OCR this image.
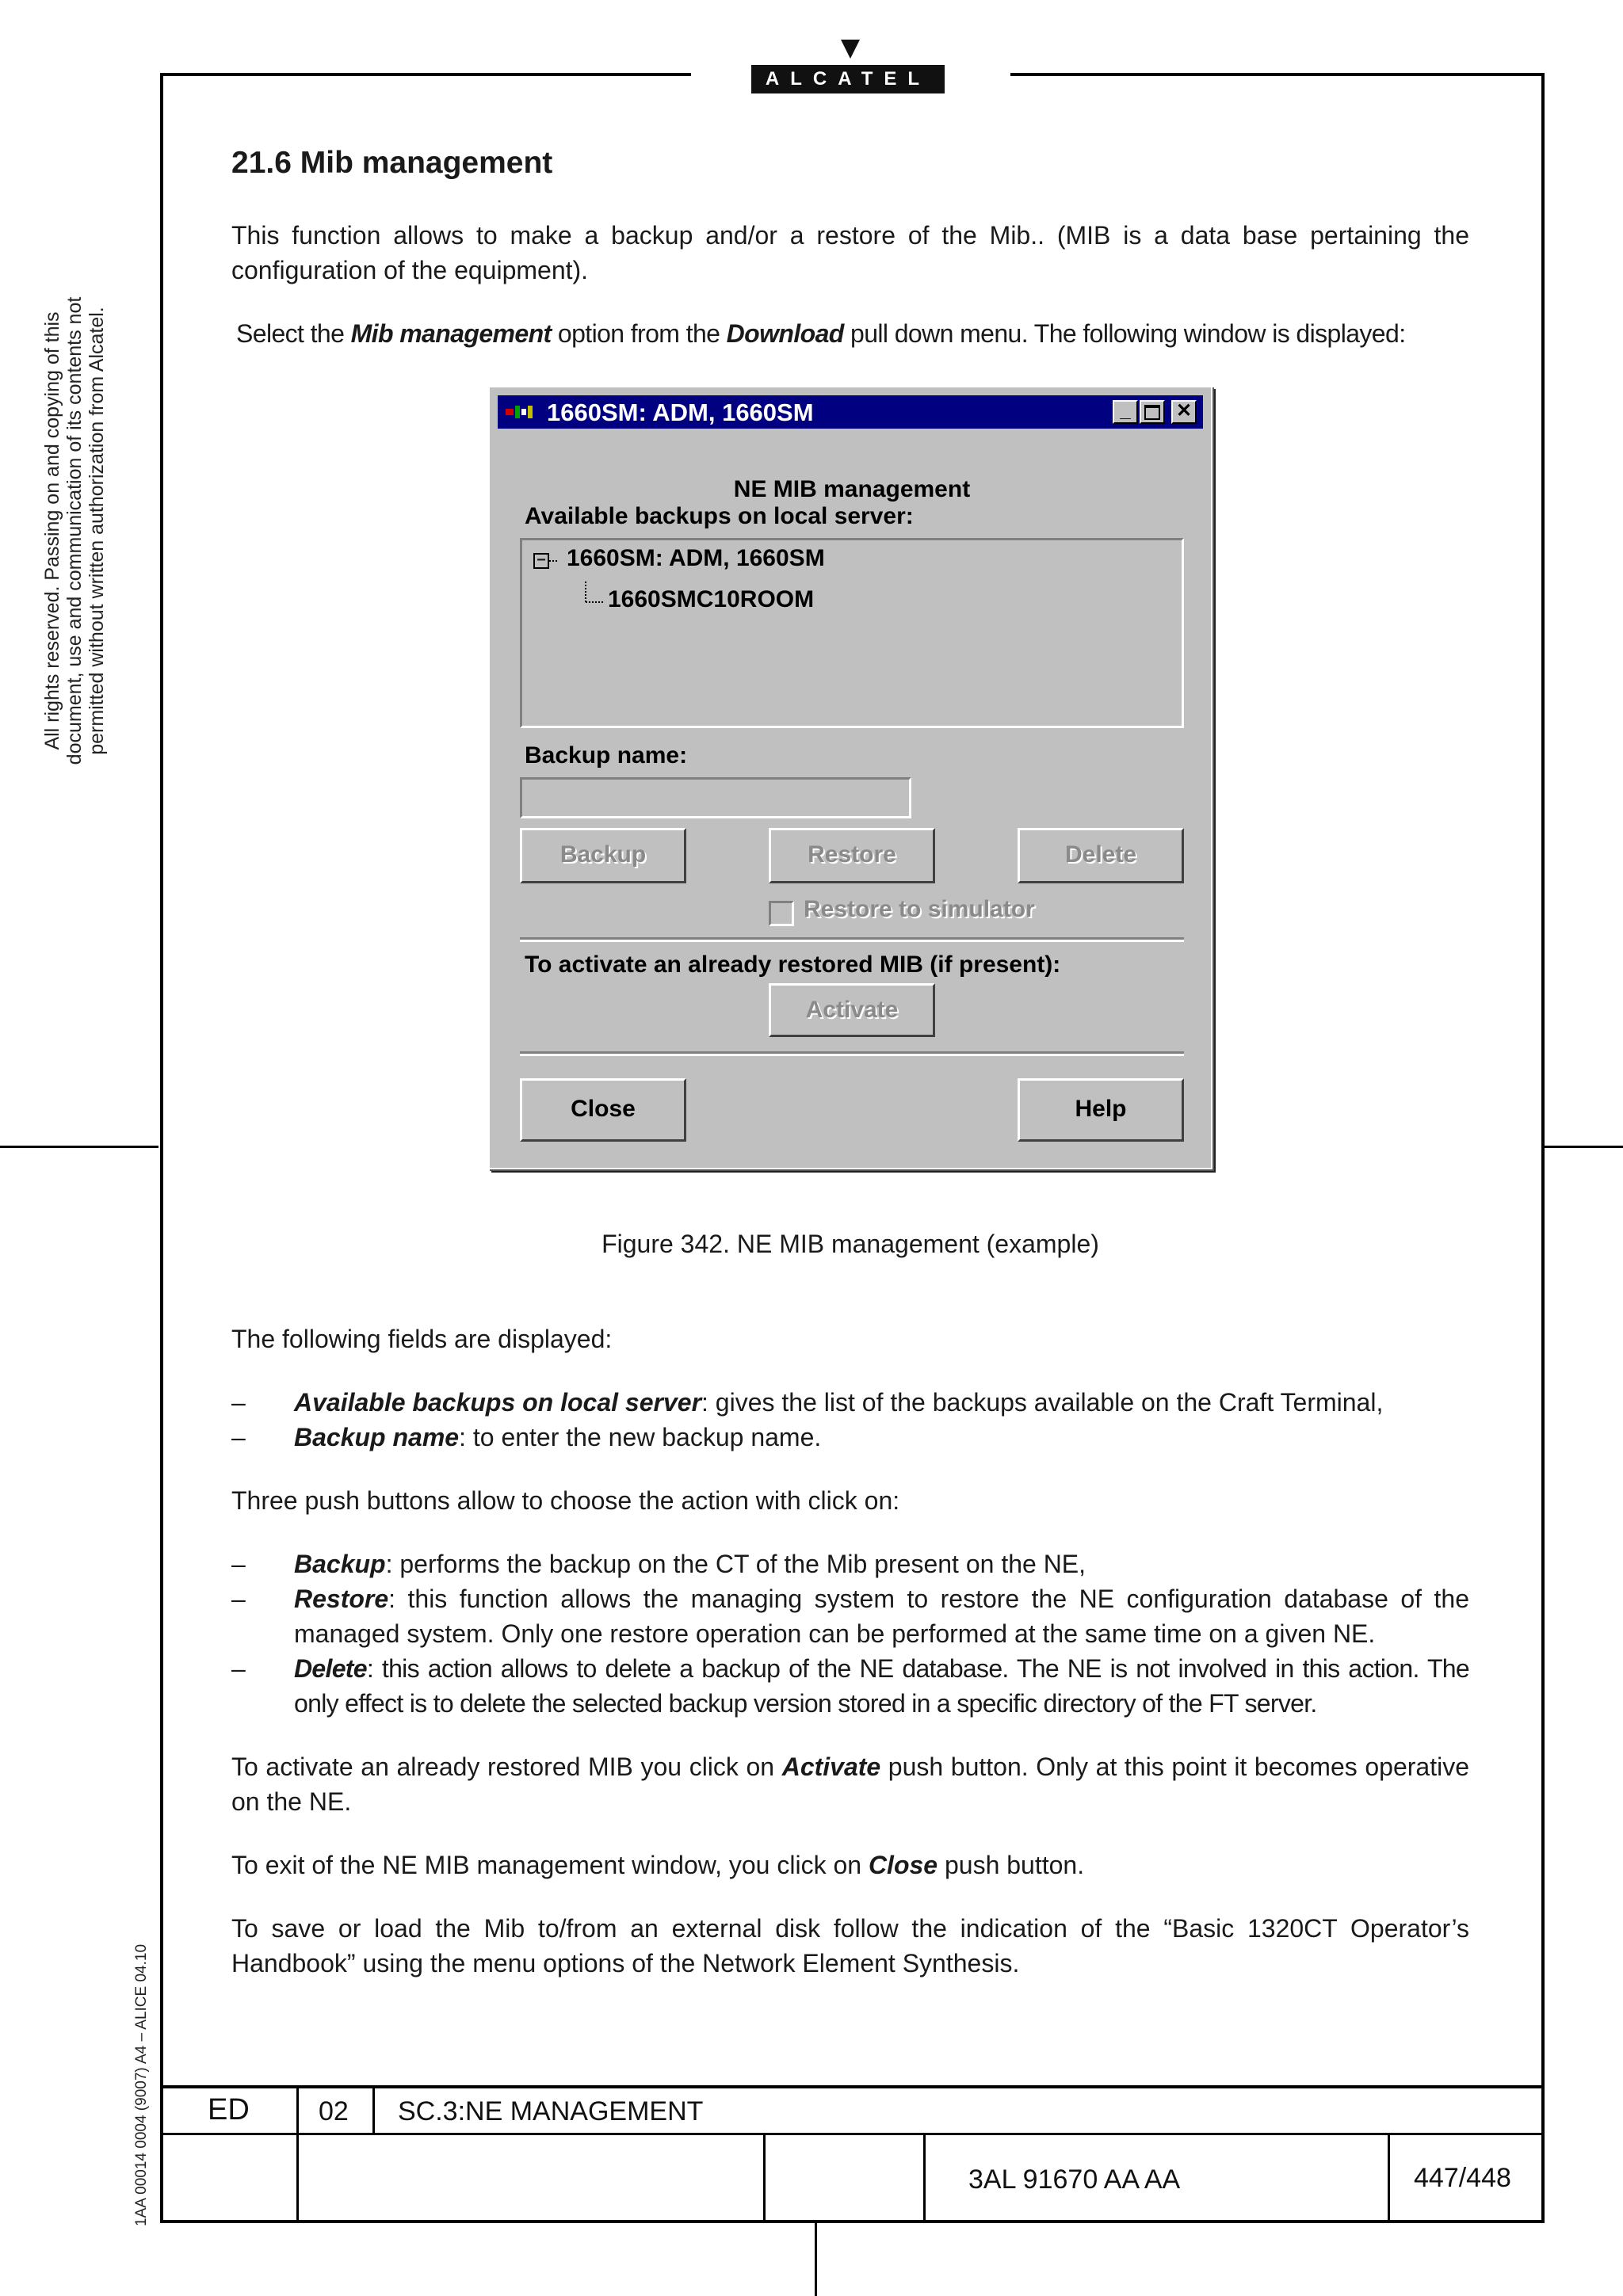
ALCATEL
All rights reserved. Passing on and copying of this document, use and communication of its contents not permitted without written authorization from Alcatel.
1AA 00014 0004 (9007) A4 – ALICE 04.10
21.6 Mib management

This function allows to make a backup and/or a restore of the Mib.. (MIB is a data base pertaining the configuration of the equipment).

Select the Mib management option from the Download pull down menu. The following window is displayed:

1660SM: ADM, 1660SM	_	✕
NE MIB management
Available backups on local server:
− 1660SM: ADM, 1660SM
1660SMC10ROOM
Backup name:
Backup	Restore	Delete
Restore to simulator
To activate an already restored MIB (if present):
Activate
Close	Help
Figure 342. NE MIB management (example)

The following fields are displayed:

– Available backups on local server: gives the list of the backups available on the Craft Terminal,
– Backup name: to enter the new backup name.

Three push buttons allow to choose the action with click on:

– Backup: performs the backup on the CT of the Mib present on the NE,
– Restore: this function allows the managing system to restore the NE configuration database of the managed system. Only one restore operation can be performed at the same time on a given NE.
– Delete: this action allows to delete a backup of the NE database. The NE is not involved in this action. The only effect is to delete the selected backup version stored in a specific directory of the FT server.

To activate an already restored MIB you click on Activate push button. Only at this point it becomes operative on the NE.

To exit of the NE MIB management window, you click on Close push button.

To save or load the Mib to/from an external disk follow the indication of the “Basic 1320CT Operator’s Handbook” using the menu options of the Network Element Synthesis.

ED	02 SC.3:NE MANAGEMENT
3AL 91670 AA AA	447/448
